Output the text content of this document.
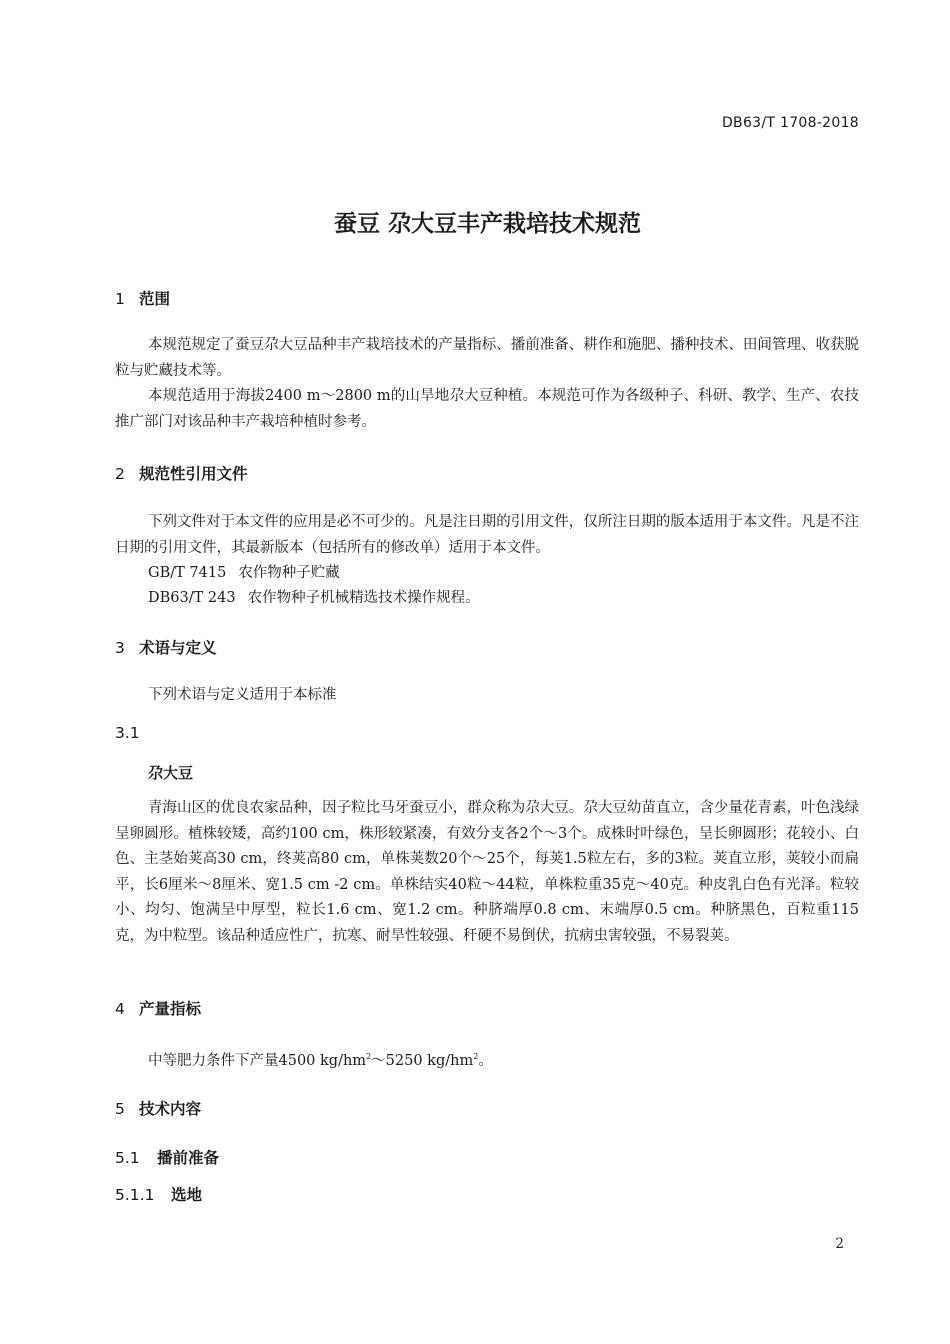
DB63/T 1708-2018
蚕豆 尕大豆丰产栽培技术规范
1 范围
本规范规定了蚕豆尕大豆品种丰产栽培技术的产量指标、播前准备、耕作和施肥、播种技术、田间管理、收获脱粒与贮藏技术等。
本规范适用于海拔2400 m～2800 m的山旱地尕大豆种植。本规范可作为各级种子、科研、教学、生产、农技推广部门对该品种丰产栽培种植时参考。
2 规范性引用文件
下列文件对于本文件的应用是必不可少的。凡是注日期的引用文件，仅所注日期的版本适用于本文件。凡是不注日期的引用文件，其最新版本（包括所有的修改单）适用于本文件。
GB/T 7415 农作物种子贮藏
DB63/T 243 农作物种子机械精选技术操作规程。
3 术语与定义
下列术语与定义适用于本标准
3.1
尕大豆
青海山区的优良农家品种，因子粒比马牙蚕豆小，群众称为尕大豆。尕大豆幼苗直立，含少量花青素，叶色浅绿呈卵圆形。植株较矮，高约100 cm，株形较紧凑，有效分支各2个～3个。成株时叶绿色，呈长卵圆形；花较小、白色、主茎始荚高30 cm，终荚高80 cm，单株荚数20个～25个，每荚1.5粒左右，多的3粒。荚直立形，荚较小而扁平，长6厘米～8厘米、宽1.5 cm -2 cm。单株结实40粒～44粒，单株粒重35克～40克。种皮乳白色有光泽。粒较小、均匀、饱满呈中厚型，粒长1.6 cm、宽1.2 cm。种脐端厚0.8 cm、末端厚0.5 cm。种脐黑色，百粒重115克，为中粒型。该品种适应性广，抗寒、耐旱性较强、秆硬不易倒伏，抗病虫害较强，不易裂荚。
4 产量指标
中等肥力条件下产量4500 $kg/hm^2\sim 5250$ $kg/hm^2$。
5 技术内容
5.1 播前准备
5.1.1 选地
2
